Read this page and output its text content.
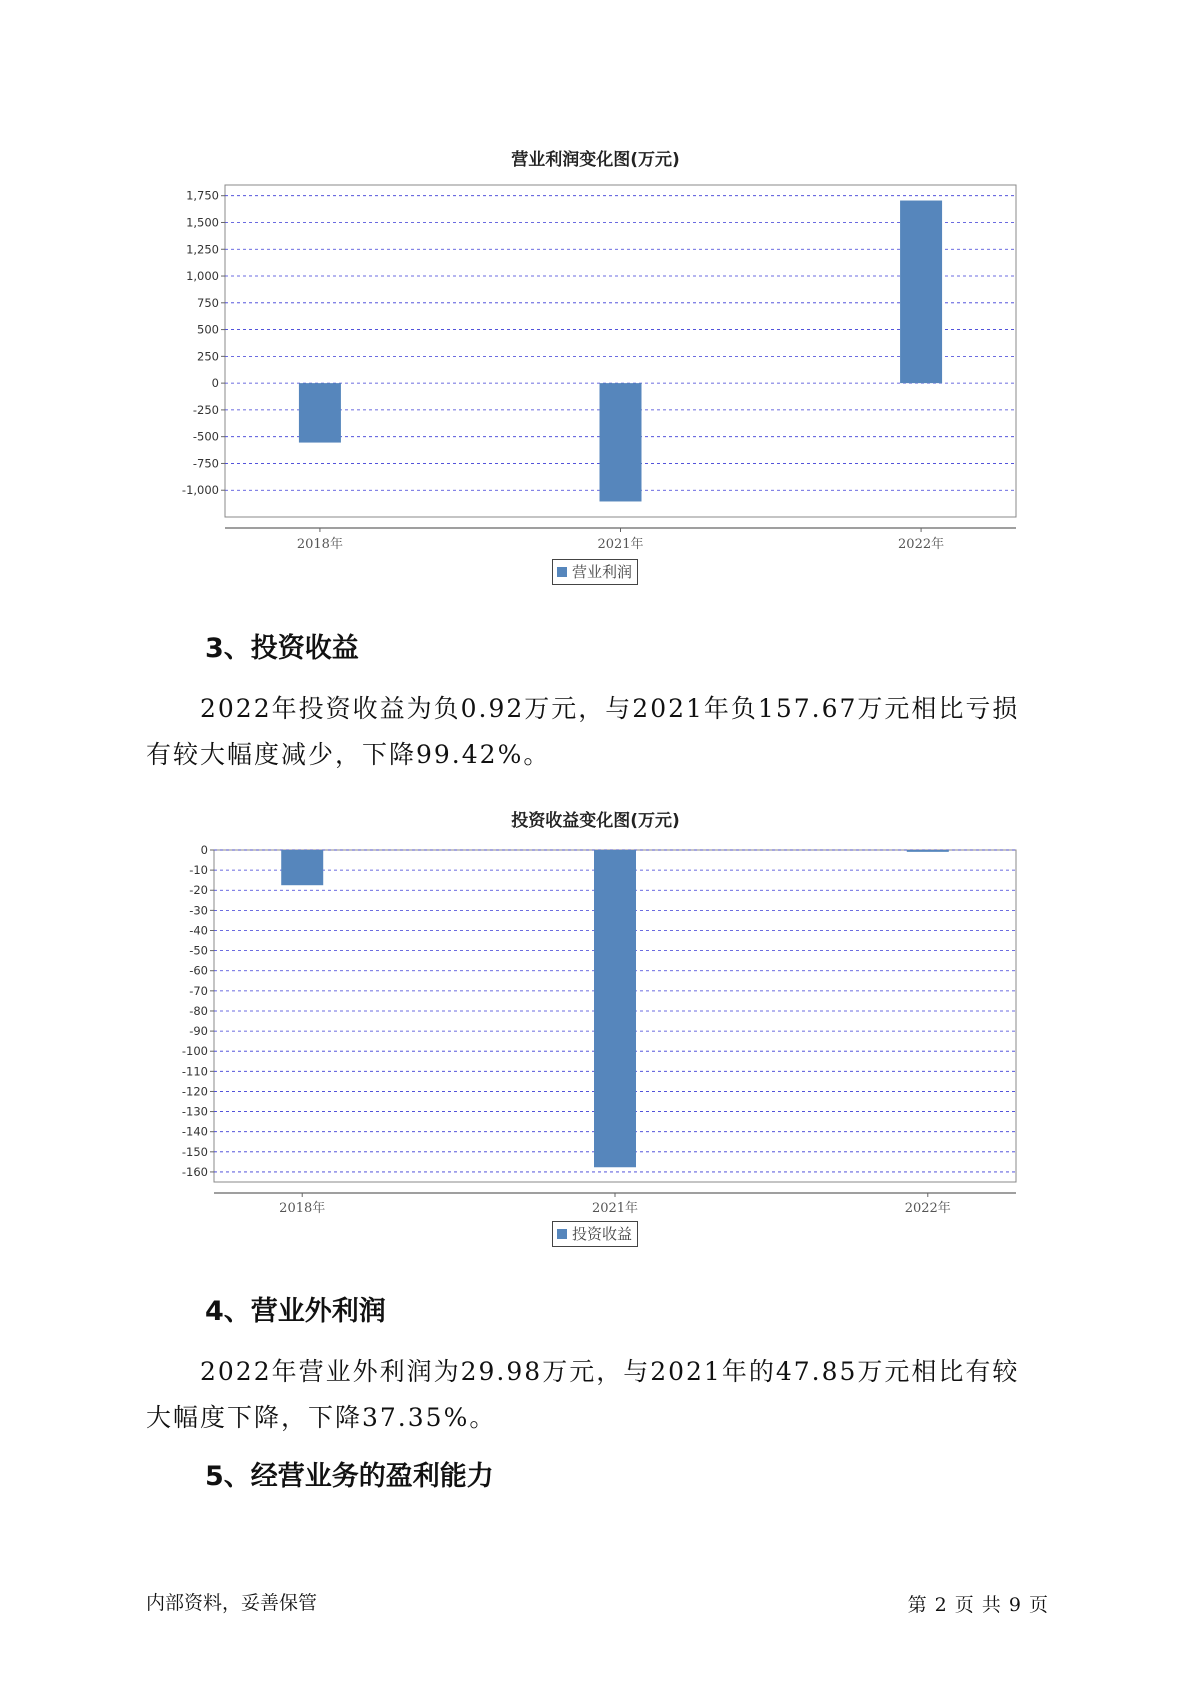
营业利润变化图(万元)
1,750
1,500
1,250
1,000
750
500
250
0
-250
-500
-750
-1,000
2018年	2021年	2022年
营业利润
3、投资收益
2022年投资收益为负0.92万元，与2021年负157.67万元相比亏损有较大幅度减少，下降99.42%。
投资收益变化图(万元)
0
-10
-20
-30
-40
-50
-60
-70
-80
-90
-100
-110
-120
-130
-140
-150
-160
2018年	2021年	2022年
投资收益
4、营业外利润
2022年营业外利润为29.98万元，与2021年的47.85万元相比有较大幅度下降，下降37.35%。
5、经营业务的盈利能力
内部资料，妥善保管	第 2 页 共 9 页
